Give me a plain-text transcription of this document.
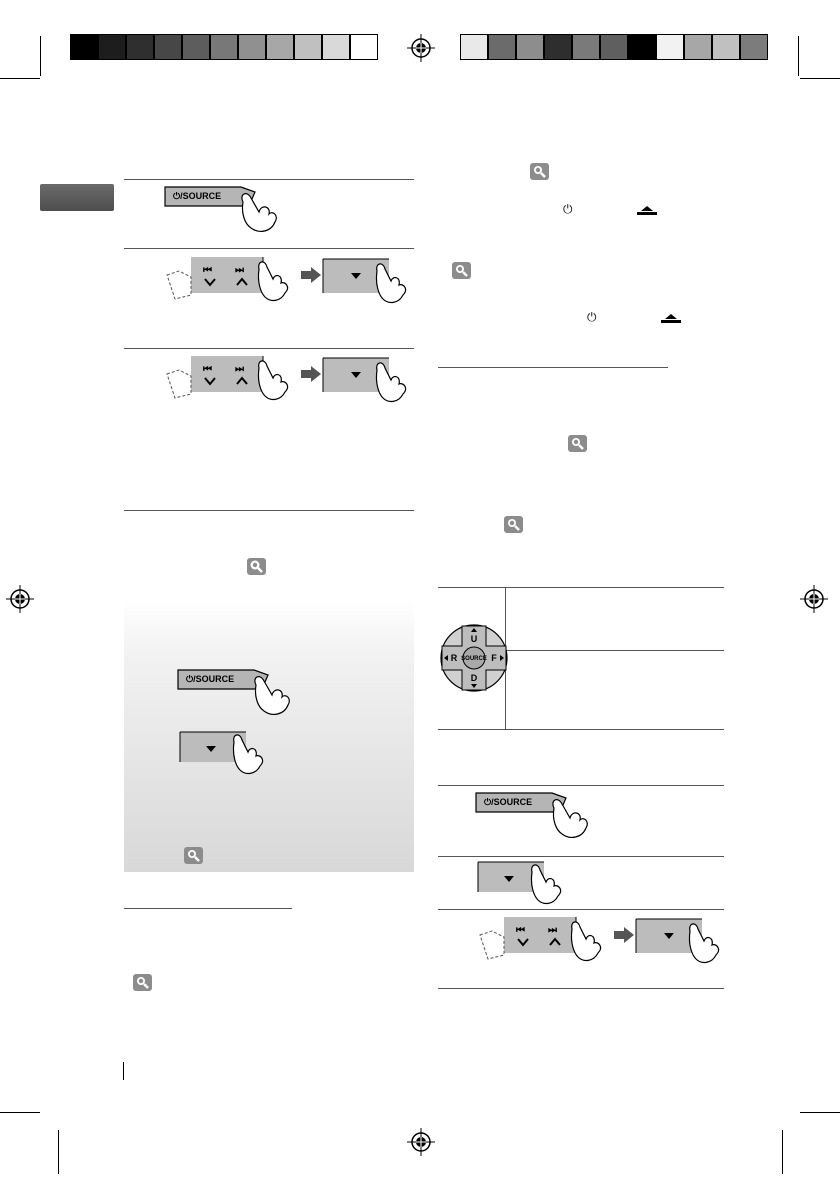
⏻/SOURCE
⏮ ⏭
⏮ ⏭
⏻/SOURCE
⏻
⏻
SOURCE
U
D
R	F
⏻/SOURCE
⏮ ⏭
